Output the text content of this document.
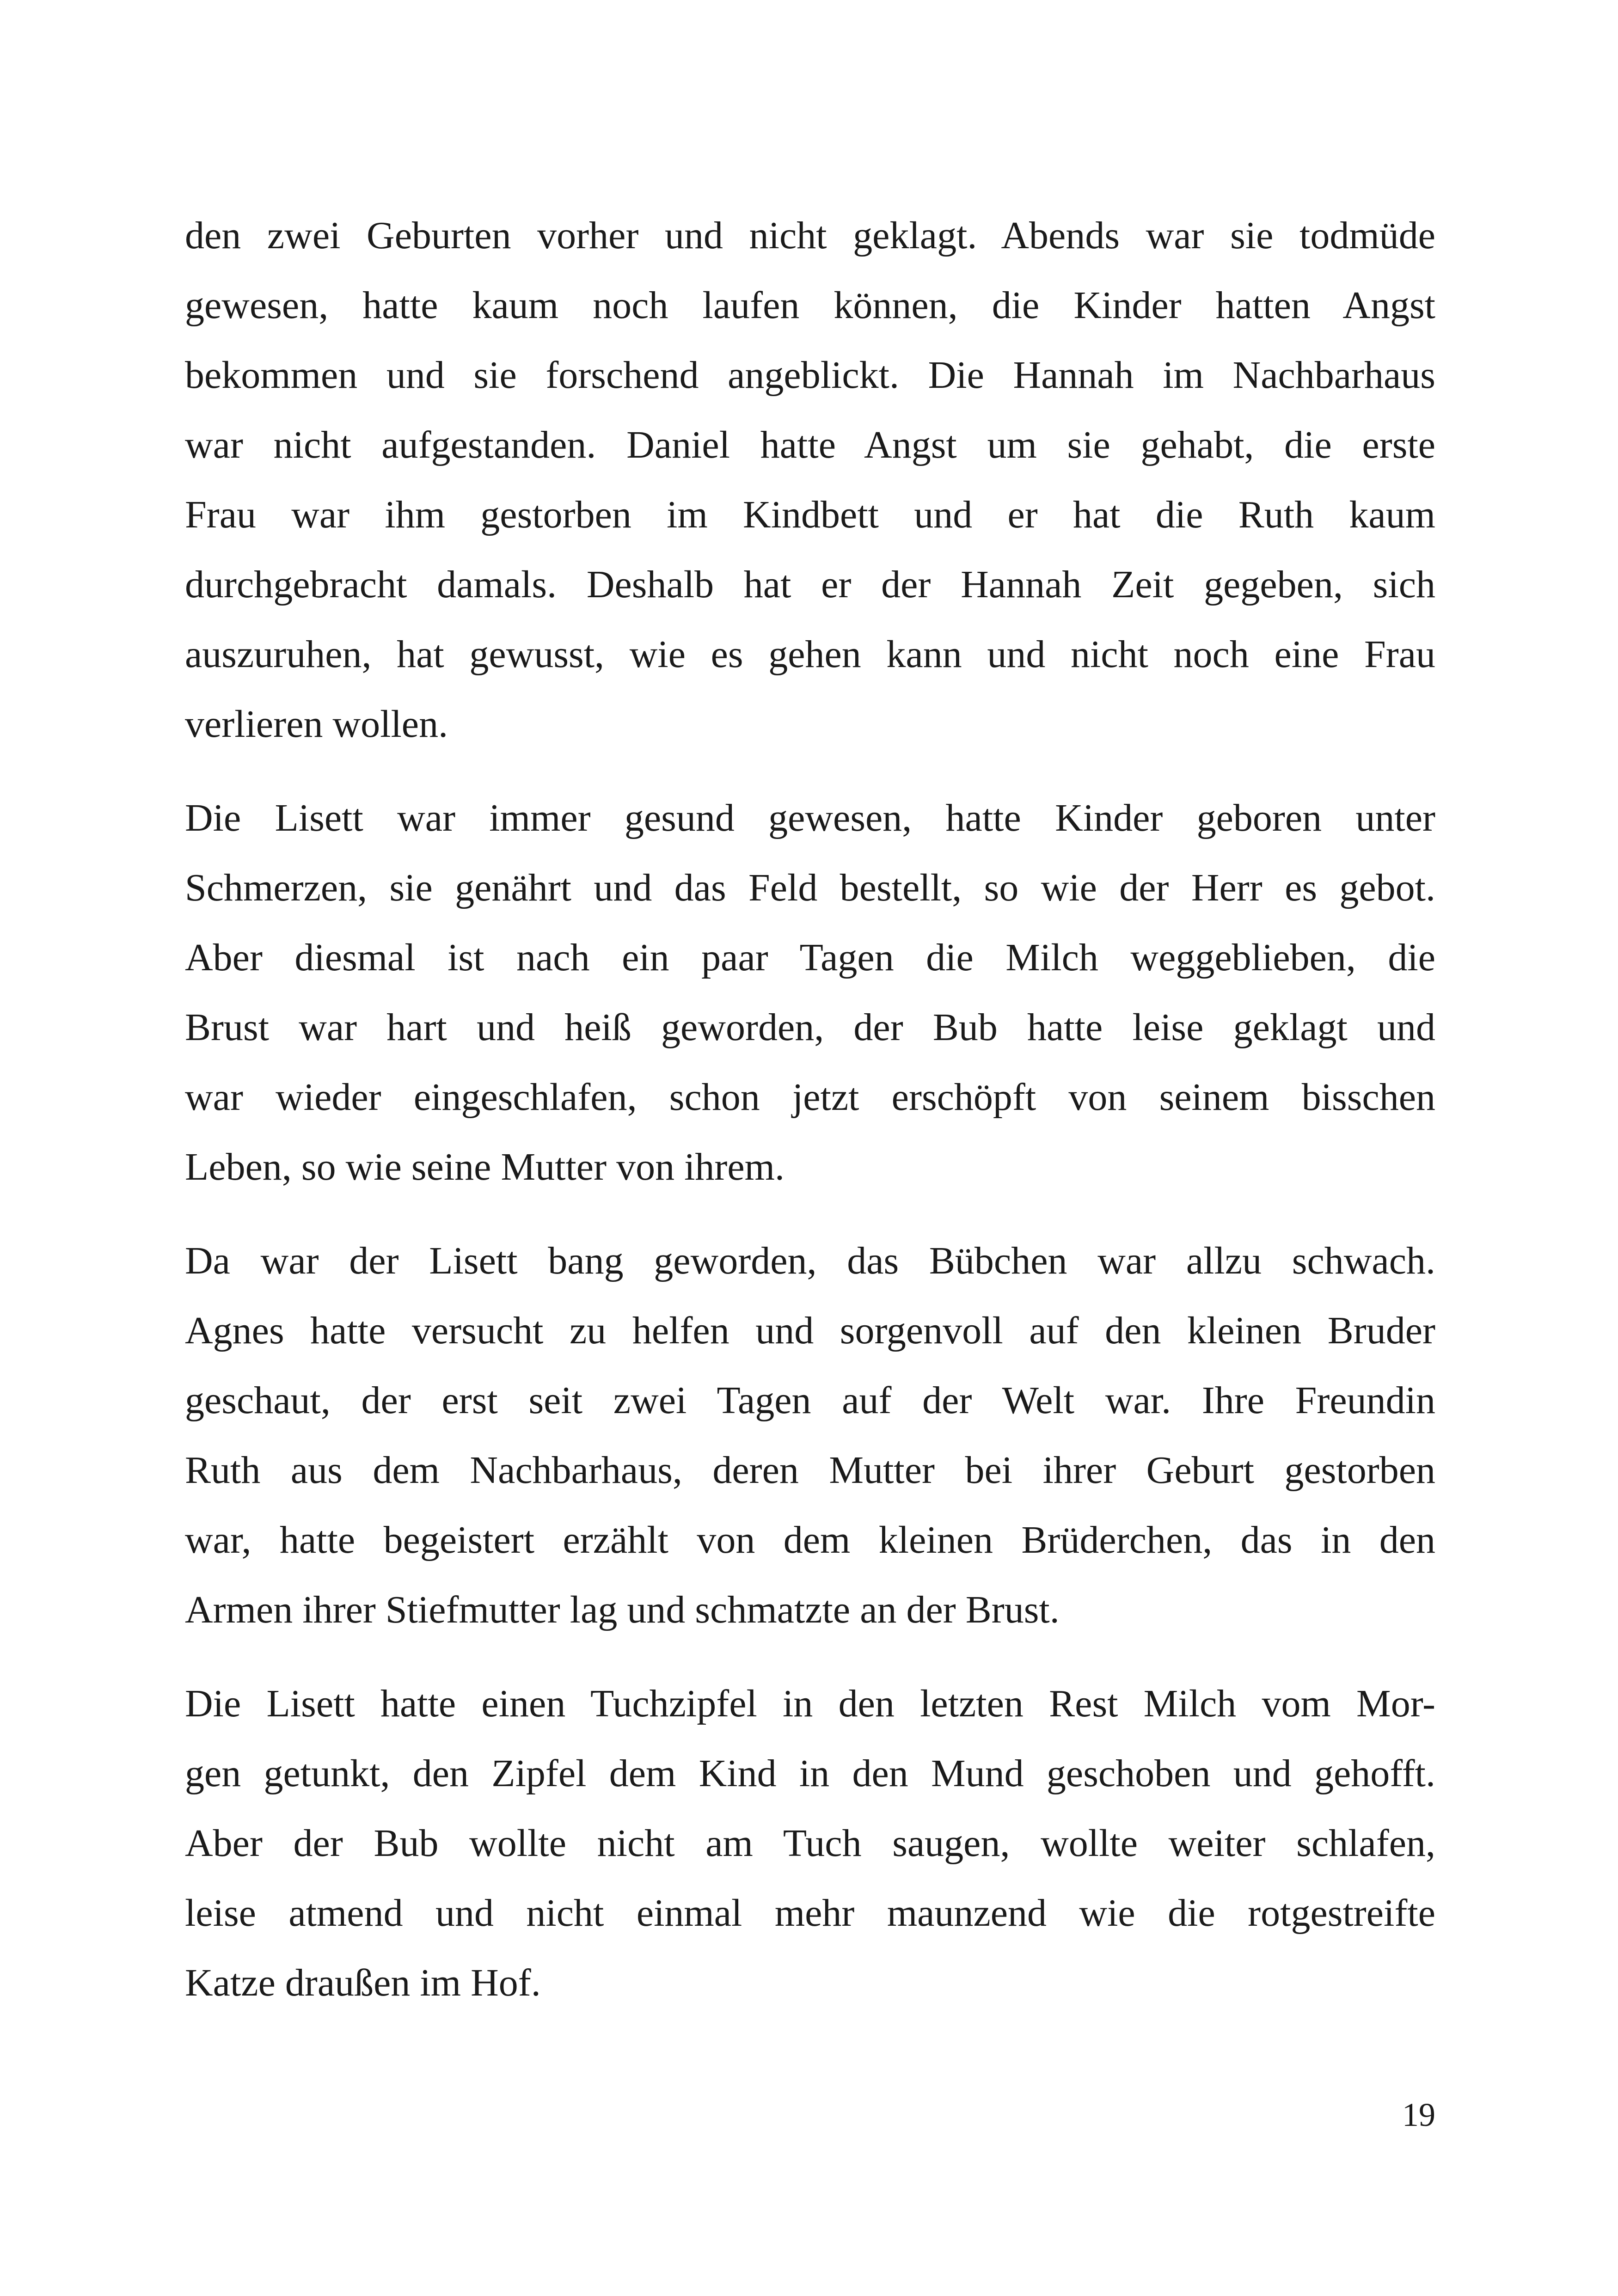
den zwei Geburten vorher und nicht geklagt. Abends war sie todmüde
gewesen, hatte kaum noch laufen können, die Kinder hatten Angst
bekommen und sie forschend angeblickt. Die Hannah im Nachbarhaus
war nicht aufgestanden. Daniel hatte Angst um sie gehabt, die erste
Frau war ihm gestorben im Kindbett und er hat die Ruth kaum
durchgebracht damals. Deshalb hat er der Hannah Zeit gegeben, sich
auszuruhen, hat gewusst, wie es gehen kann und nicht noch eine Frau
verlieren wollen.
Die Lisett war immer gesund gewesen, hatte Kinder geboren unter
Schmerzen, sie genährt und das Feld bestellt, so wie der Herr es gebot.
Aber diesmal ist nach ein paar Tagen die Milch weggeblieben, die
Brust war hart und heiß geworden, der Bub hatte leise geklagt und
war wieder eingeschlafen, schon jetzt erschöpft von seinem bisschen
Leben, so wie seine Mutter von ihrem.
Da war der Lisett bang geworden, das Bübchen war allzu schwach.
Agnes hatte versucht zu helfen und sorgenvoll auf den kleinen Bruder
geschaut, der erst seit zwei Tagen auf der Welt war. Ihre Freundin
Ruth aus dem Nachbarhaus, deren Mutter bei ihrer Geburt gestorben
war, hatte begeistert erzählt von dem kleinen Brüderchen, das in den
Armen ihrer Stiefmutter lag und schmatzte an der Brust.
Die Lisett hatte einen Tuchzipfel in den letzten Rest Milch vom Mor-
gen getunkt, den Zipfel dem Kind in den Mund geschoben und gehofft.
Aber der Bub wollte nicht am Tuch saugen, wollte weiter schlafen,
leise atmend und nicht einmal mehr maunzend wie die rotgestreifte
Katze draußen im Hof.
19
